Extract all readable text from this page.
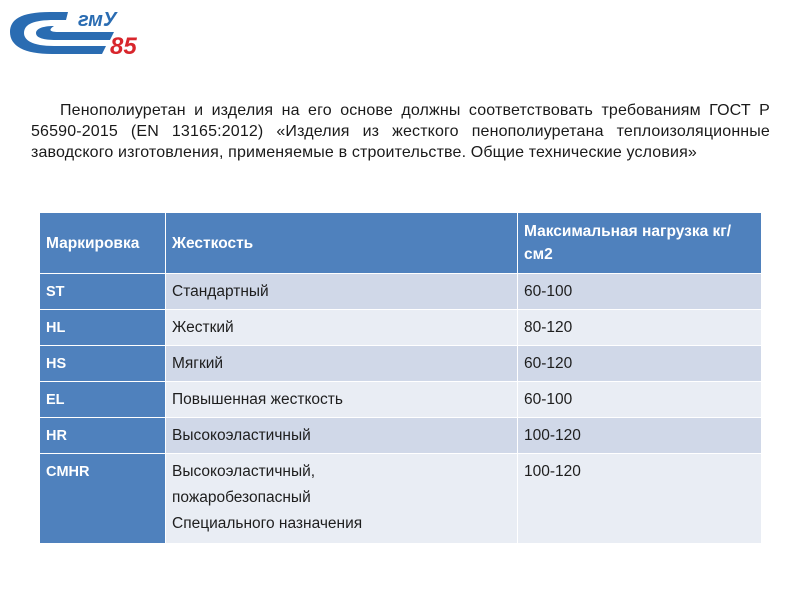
гмУ
85

Пенополиуретан и изделия на его основе должны соответствовать требованиям ГОСТ Р 56590-2015 (EN 13165:2012) «Изделия из жесткого пенополиуретана теплоизоляционные заводского изготовления, применяемые в строительстве. Общие технические условия»

Маркировка	Жесткость	Максимальная нагрузка кг/см2
ST	Стандартный	60-100
HL	Жесткий	80-120
HS	Мягкий	60-120
EL	Повышенная жесткость	60-100
HR	Высокоэластичный	100-120
CMHR	Высокоэластичный,
пожаробезопасный
Специального назначения	100-120
